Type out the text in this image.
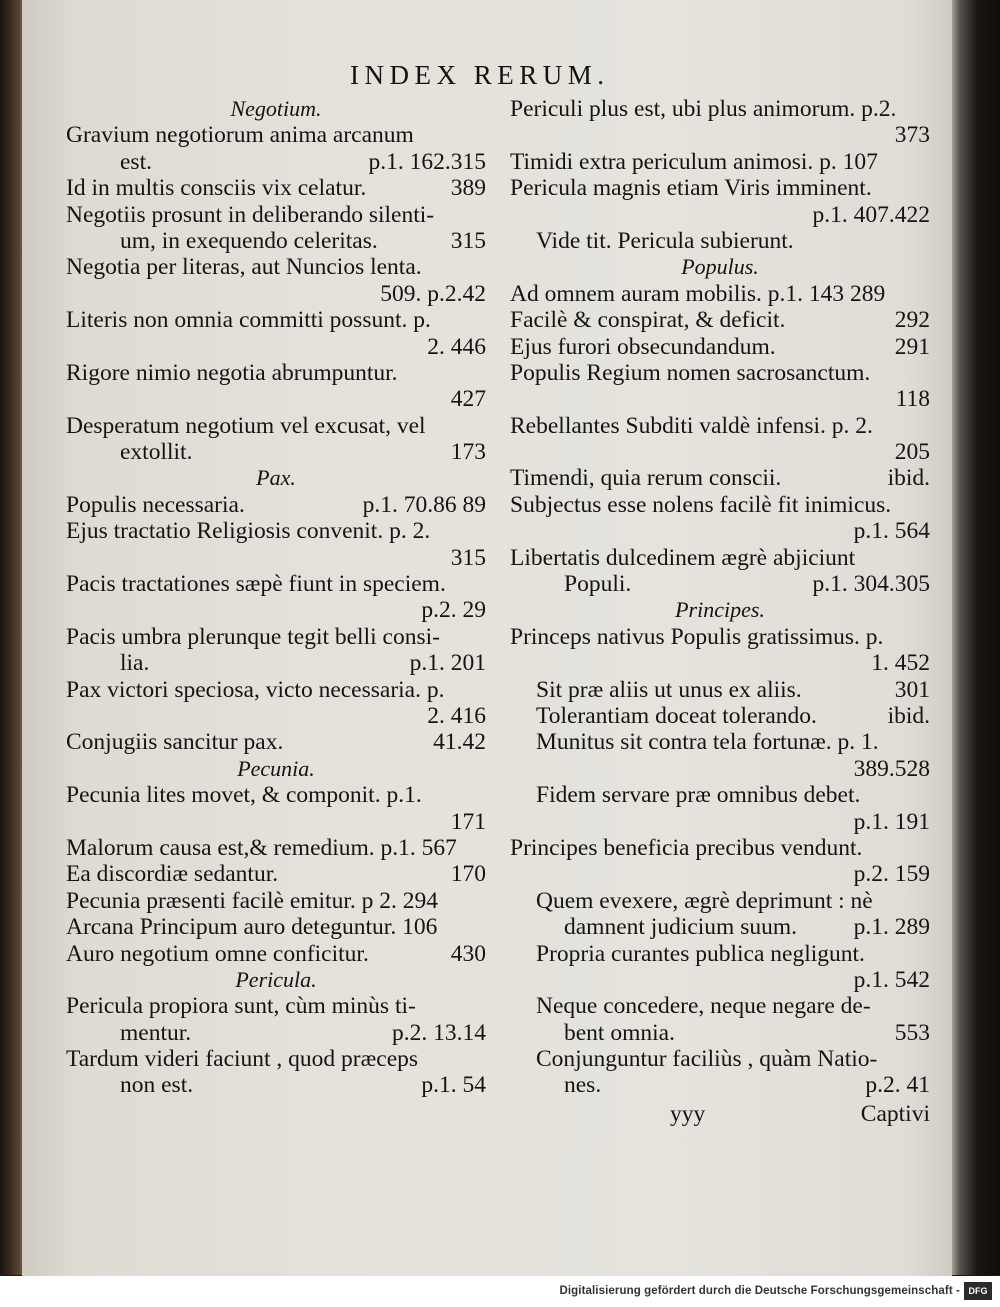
INDEX RERUM.
Negotium.
Gravium negotiorum anima arcanum
est.	p.1. 162.315
Id in multis consciis vix celatur.	389
Negotiis prosunt in deliberando silenti-
um, in exequendo celeritas.	315
Negotia per literas, aut Nuncios lenta.
509. p.2.42
Literis non omnia committi possunt. p.
2. 446
Rigore nimio negotia abrumpuntur.
427
Desperatum negotium vel excusat, vel
extollit.	173
Pax.
Populis necessaria.	p.1. 70.86 89
Ejus tractatio Religiosis convenit. p. 2.
315
Pacis tractationes sæpè fiunt in speciem.
p.2. 29
Pacis umbra plerunque tegit belli consi-
lia.	p.1. 201
Pax victori speciosa, victo necessaria. p.
2. 416
Conjugiis sancitur pax.	41.42
Pecunia.
Pecunia lites movet, & componit. p.1.
171
Malorum causa est,& remedium. p.1. 567
Ea discordiæ sedantur.	170
Pecunia præsenti facilè emitur. p 2. 294
Arcana Principum auro deteguntur. 106
Auro negotium omne conficitur.	430
Pericula.
Pericula propiora sunt, cùm minùs ti-
mentur.	p.2. 13.14
Tardum videri faciunt , quod præceps
non est.	p.1. 54
Periculi plus est, ubi plus animorum. p.2.
373
Timidi extra periculum animosi. p. 107
Pericula magnis etiam Viris imminent.
p.1. 407.422
Vide tit. Pericula subierunt.
Populus.
Ad omnem auram mobilis. p.1. 143 289
Facilè & conspirat, & deficit.	292
Ejus furori obsecundandum.	291
Populis Regium nomen sacrosanctum.
118
Rebellantes Subditi valdè infensi. p. 2.
205
Timendi, quia rerum conscii.	ibid.
Subjectus esse nolens facilè fit inimicus.
p.1. 564
Libertatis dulcedinem ægrè abjiciunt
Populi.	p.1. 304.305
Principes.
Princeps nativus Populis gratissimus. p.
1. 452
Sit præ aliis ut unus ex aliis.	301
Tolerantiam doceat tolerando.	ibid.
Munitus sit contra tela fortunæ. p. 1.
389.528
Fidem servare præ omnibus debet.
p.1. 191
Principes beneficia precibus vendunt.
p.2. 159
Quem evexere, ægrè deprimunt : nè
damnent judicium suum. p.1. 289
Propria curantes publica negligunt.
p.1. 542
Neque concedere, neque negare de-
bent omnia.	553
Conjunguntur faciliùs , quàm Natio-
nes.	p.2. 41
yyy	Captivi
Digitalisierung gefördert durch die Deutsche Forschungsgemeinschaft - DFG
